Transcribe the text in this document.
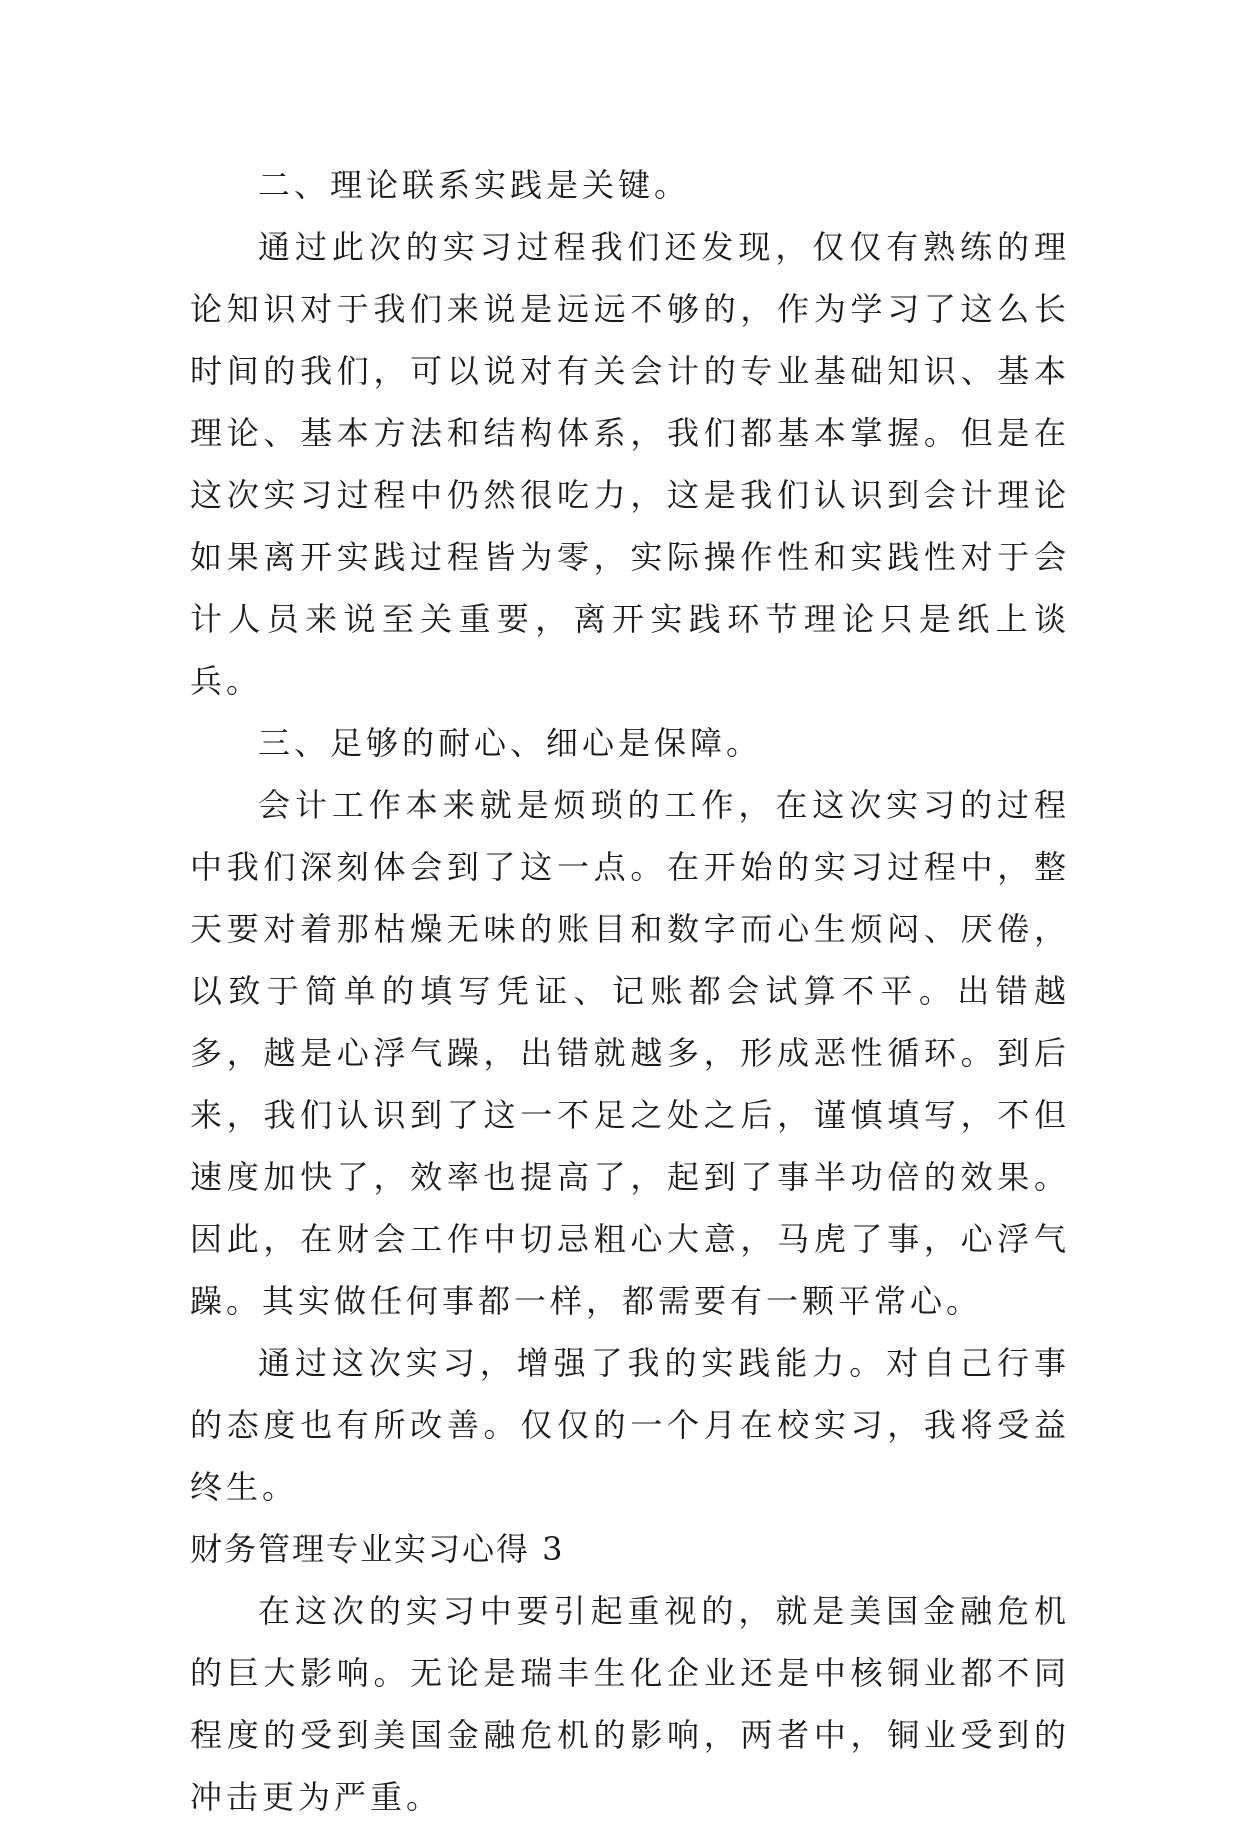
二、理论联系实践是关键。

通过此次的实习过程我们还发现，仅仅有熟练的理论知识对于我们来说是远远不够的，作为学习了这么长时间的我们，可以说对有关会计的专业基础知识、基本理论、基本方法和结构体系，我们都基本掌握。但是在这次实习过程中仍然很吃力，这是我们认识到会计理论如果离开实践过程皆为零，实际操作性和实践性对于会计人员来说至关重要，离开实践环节理论只是纸上谈兵。

三、足够的耐心、细心是保障。

会计工作本来就是烦琐的工作，在这次实习的过程中我们深刻体会到了这一点。在开始的实习过程中，整天要对着那枯燥无味的账目和数字而心生烦闷、厌倦，以致于简单的填写凭证、记账都会试算不平。出错越多，越是心浮气躁，出错就越多，形成恶性循环。到后来，我们认识到了这一不足之处之后，谨慎填写，不但速度加快了，效率也提高了，起到了事半功倍的效果。因此，在财会工作中切忌粗心大意，马虎了事，心浮气躁。其实做任何事都一样，都需要有一颗平常心。

通过这次实习，增强了我的实践能力。对自己行事的态度也有所改善。仅仅的一个月在校实习，我将受益终生。

财务管理专业实习心得 3

在这次的实习中要引起重视的，就是美国金融危机的巨大影响。无论是瑞丰生化企业还是中核铜业都不同程度的受到美国金融危机的影响，两者中，铜业受到的冲击更为严重。
